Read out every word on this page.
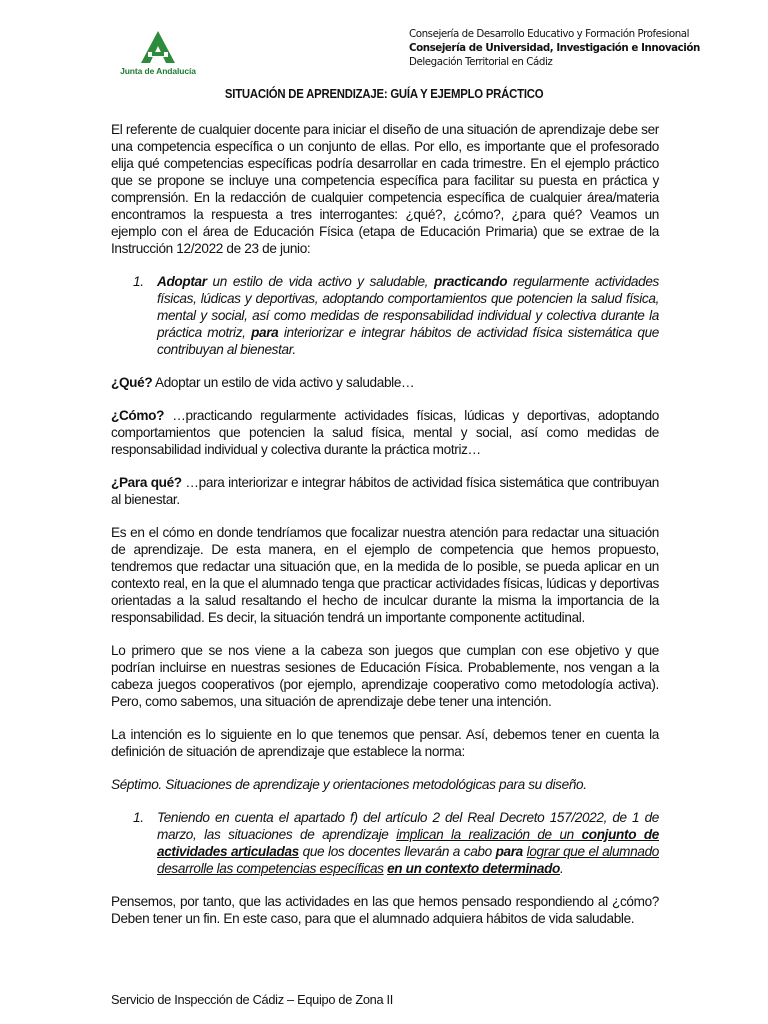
Junta de Andalucía
Consejería de Desarrollo Educativo y Formación Profesional
Consejería de Universidad, Investigación e Innovación
Delegación Territorial en Cádiz
SITUACIÓN DE APRENDIZAJE: GUÍA Y EJEMPLO PRÁCTICO

El referente de cualquier docente para iniciar el diseño de una situación de aprendizaje debe ser una competencia específica o un conjunto de ellas. Por ello, es importante que el profesorado elija qué competencias específicas podría desarrollar en cada trimestre. En el ejemplo práctico que se propone se incluye una competencia específica para facilitar su puesta en práctica y comprensión. En la redacción de cualquier competencia específica de cualquier área/materia encontramos la respuesta a tres interrogantes: ¿qué?, ¿cómo?, ¿para qué? Veamos un ejemplo con el área de Educación Física (etapa de Educación Primaria) que se extrae de la Instrucción 12/2022 de 23 de junio:

1. Adoptar un estilo de vida activo y saludable, practicando regularmente actividades físicas, lúdicas y deportivas, adoptando comportamientos que potencien la salud física, mental y social, así como medidas de responsabilidad individual y colectiva durante la práctica motriz, para interiorizar e integrar hábitos de actividad física sistemática que contribuyan al bienestar.

¿Qué? Adoptar un estilo de vida activo y saludable…

¿Cómo? …practicando regularmente actividades físicas, lúdicas y deportivas, adoptando comportamientos que potencien la salud física, mental y social, así como medidas de responsabilidad individual y colectiva durante la práctica motriz…

¿Para qué? …para interiorizar e integrar hábitos de actividad física sistemática que contribuyan al bienestar.

Es en el cómo en donde tendríamos que focalizar nuestra atención para redactar una situación de aprendizaje. De esta manera, en el ejemplo de competencia que hemos propuesto, tendremos que redactar una situación que, en la medida de lo posible, se pueda aplicar en un contexto real, en la que el alumnado tenga que practicar actividades físicas, lúdicas y deportivas orientadas a la salud resaltando el hecho de inculcar durante la misma la importancia de la responsabilidad. Es decir, la situación tendrá un importante componente actitudinal.

Lo primero que se nos viene a la cabeza son juegos que cumplan con ese objetivo y que podrían incluirse en nuestras sesiones de Educación Física. Probablemente, nos vengan a la cabeza juegos cooperativos (por ejemplo, aprendizaje cooperativo como metodología activa). Pero, como sabemos, una situación de aprendizaje debe tener una intención.

La intención es lo siguiente en lo que tenemos que pensar. Así, debemos tener en cuenta la definición de situación de aprendizaje que establece la norma:

Séptimo. Situaciones de aprendizaje y orientaciones metodológicas para su diseño.

1. Teniendo en cuenta el apartado f) del artículo 2 del Real Decreto 157/2022, de 1 de marzo, las situaciones de aprendizaje implican la realización de un conjunto de actividades articuladas que los docentes llevarán a cabo para lograr que el alumnado desarrolle las competencias específicas en un contexto determinado.

Pensemos, por tanto, que las actividades en las que hemos pensado respondiendo al ¿cómo? Deben tener un fin. En este caso, para que el alumnado adquiera hábitos de vida saludable.

Servicio de Inspección de Cádiz – Equipo de Zona II
